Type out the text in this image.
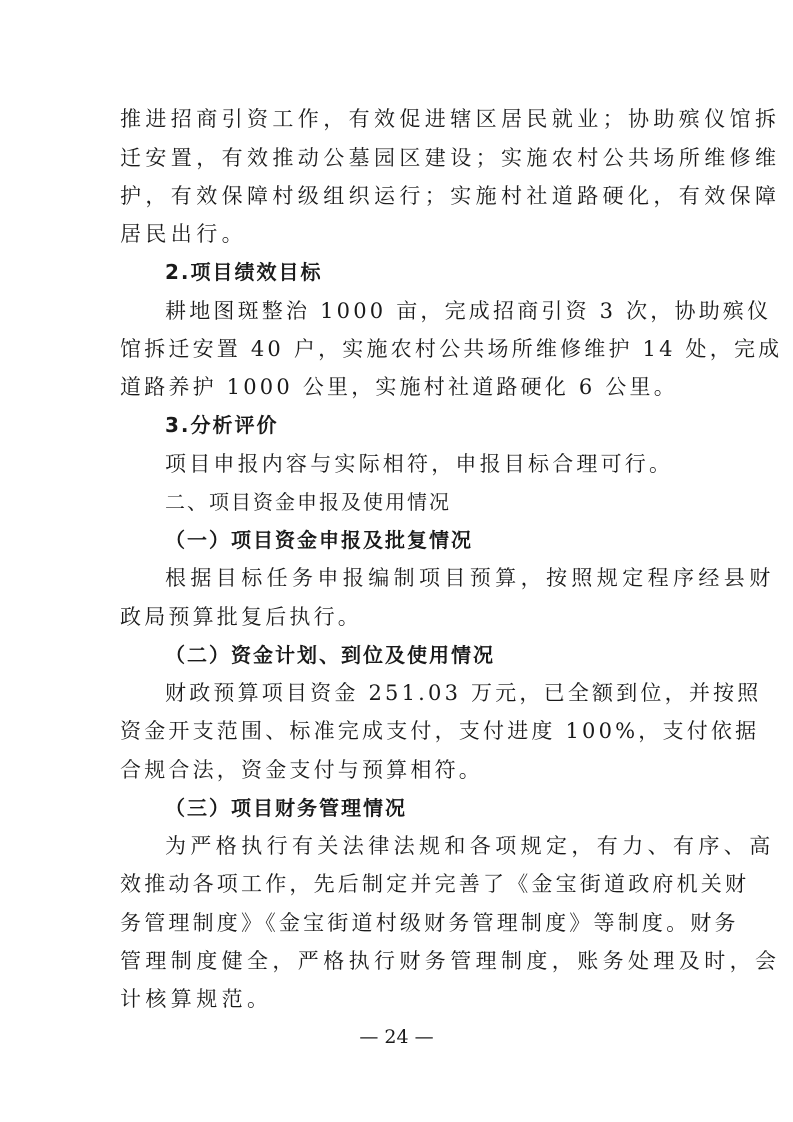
推进招商引资工作，有效促进辖区居民就业；协助殡仪馆拆

迁安置，有效推动公墓园区建设；实施农村公共场所维修维

护，有效保障村级组织运行；实施村社道路硬化，有效保障

居民出行。

2.项目绩效目标

耕地图斑整治 1000 亩，完成招商引资 3 次，协助殡仪

馆拆迁安置 40 户，实施农村公共场所维修维护 14 处，完成

道路养护 1000 公里，实施村社道路硬化 6 公里。

3.分析评价

项目申报内容与实际相符，申报目标合理可行。

二、项目资金申报及使用情况

（一）项目资金申报及批复情况

根据目标任务申报编制项目预算，按照规定程序经县财

政局预算批复后执行。

（二）资金计划、到位及使用情况

财政预算项目资金 251.03 万元，已全额到位，并按照

资金开支范围、标准完成支付，支付进度 100%，支付依据

合规合法，资金支付与预算相符。

（三）项目财务管理情况

为严格执行有关法律法规和各项规定，有力、有序、高

效推动各项工作，先后制定并完善了《金宝街道政府机关财

务管理制度》《金宝街道村级财务管理制度》等制度。财务

管理制度健全，严格执行财务管理制度，账务处理及时，会

计核算规范。

— 24 —
